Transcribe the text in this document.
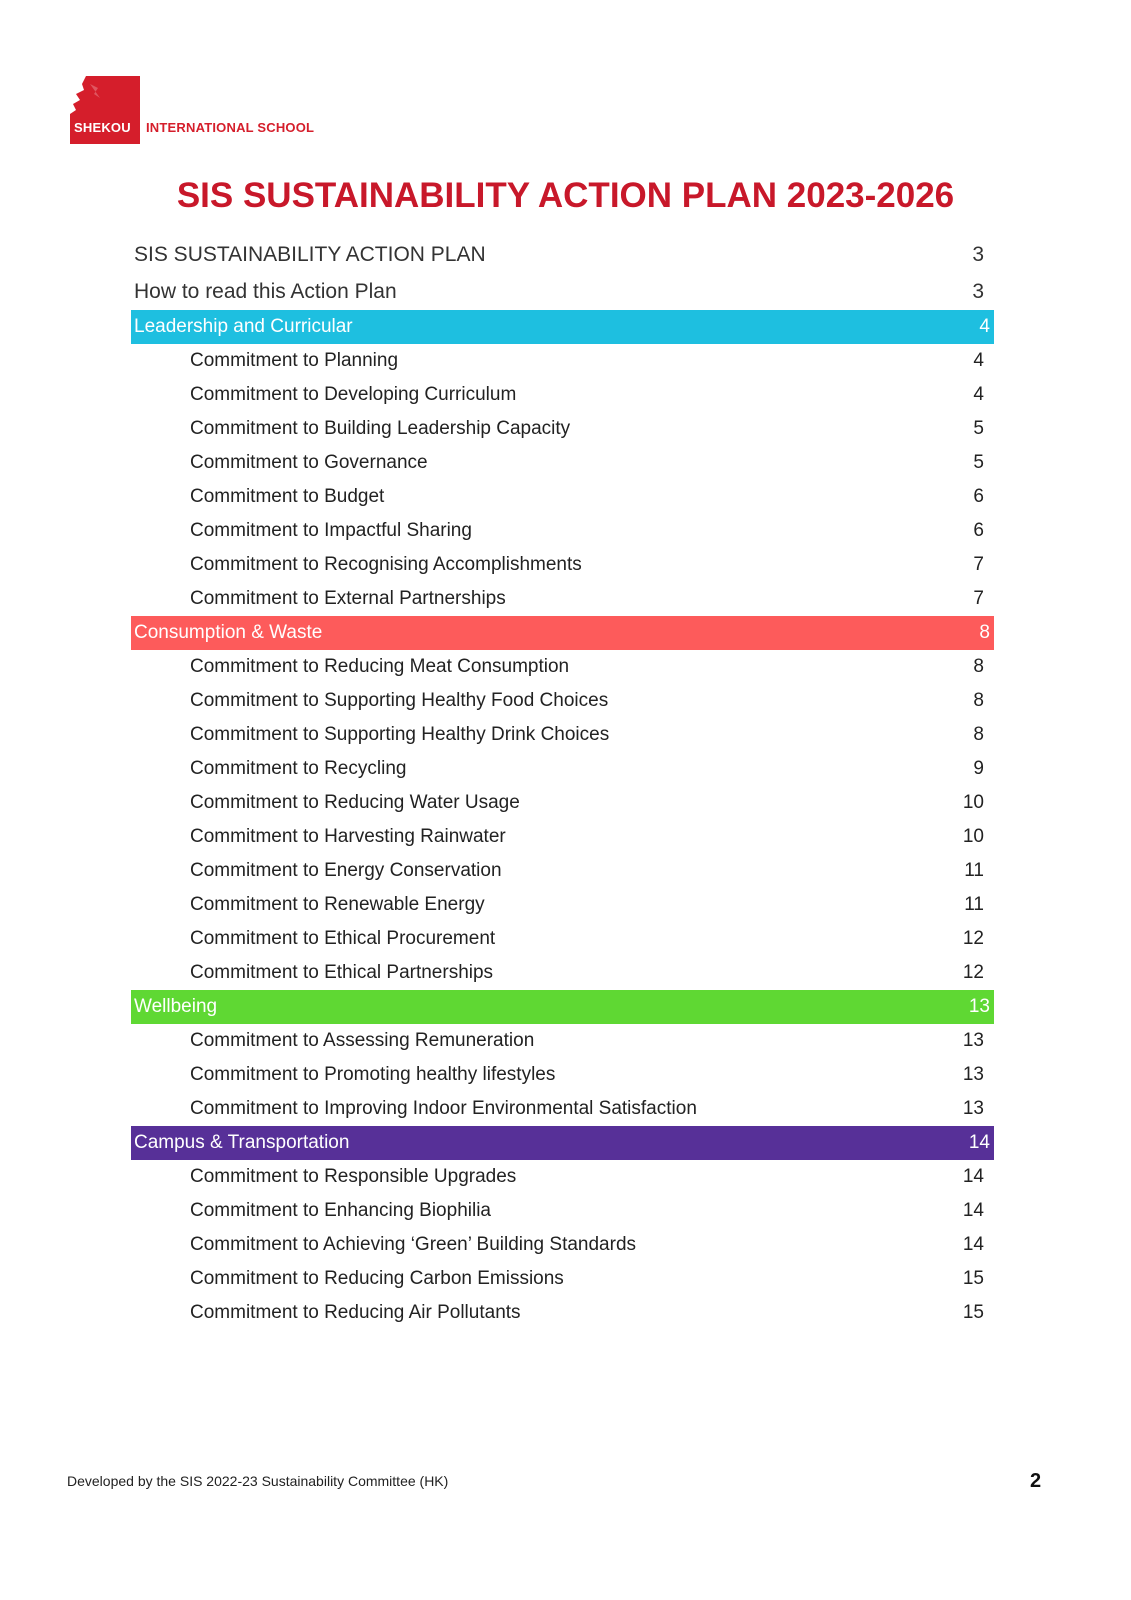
SHEKOU INTERNATIONAL SCHOOL
SIS SUSTAINABILITY ACTION PLAN 2023-2026
SIS SUSTAINABILITY ACTION PLAN	3
How to read this Action Plan	3
Leadership and Curricular	4
Commitment to Planning	4
Commitment to Developing Curriculum	4
Commitment to Building Leadership Capacity	5
Commitment to Governance	5
Commitment to Budget	6
Commitment to Impactful Sharing	6
Commitment to Recognising Accomplishments	7
Commitment to External Partnerships	7
Consumption & Waste	8
Commitment to Reducing Meat Consumption	8
Commitment to Supporting Healthy Food Choices	8
Commitment to Supporting Healthy Drink Choices	8
Commitment to Recycling	9
Commitment to Reducing Water Usage	10
Commitment to Harvesting Rainwater	10
Commitment to Energy Conservation	11
Commitment to Renewable Energy	11
Commitment to Ethical Procurement	12
Commitment to Ethical Partnerships	12
Wellbeing	13
Commitment to Assessing Remuneration	13
Commitment to Promoting healthy lifestyles	13
Commitment to Improving Indoor Environmental Satisfaction	13
Campus & Transportation	14
Commitment to Responsible Upgrades	14
Commitment to Enhancing Biophilia	14
Commitment to Achieving ‘Green’ Building Standards	14
Commitment to Reducing Carbon Emissions	15
Commitment to Reducing Air Pollutants	15
Developed by the SIS 2022-23 Sustainability Committee (HK)	2
